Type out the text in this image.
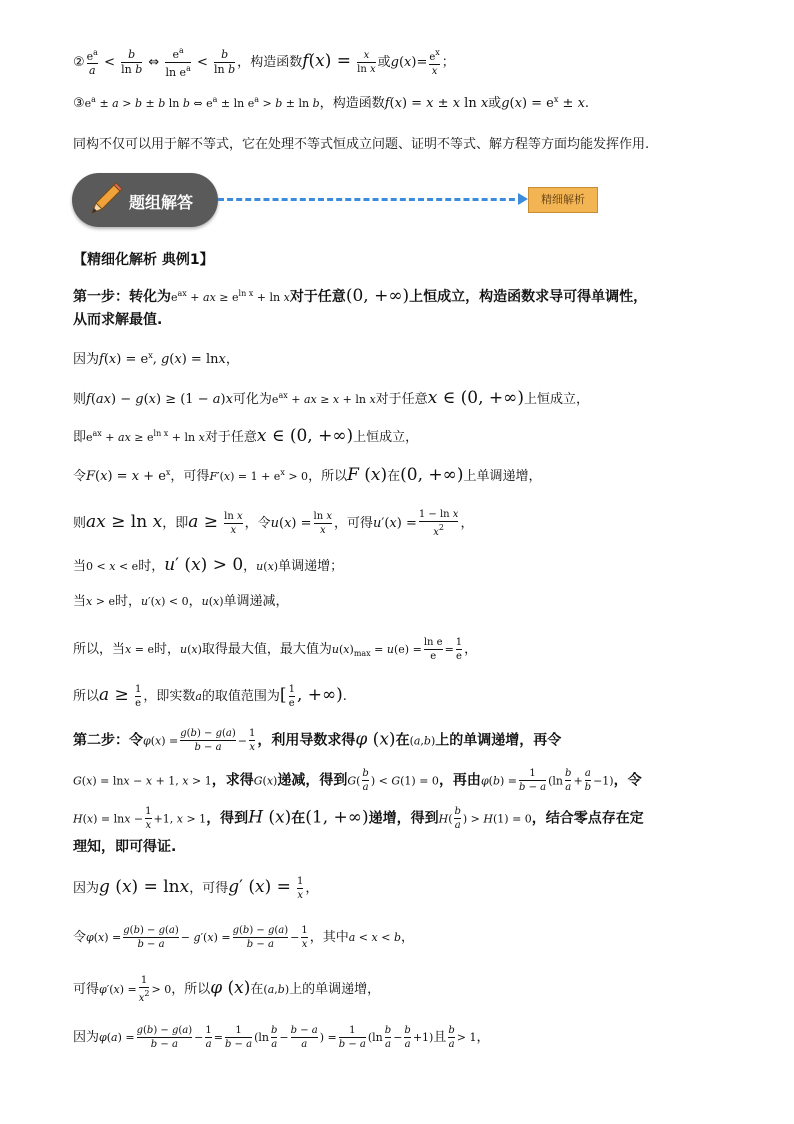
② $\frac{e^a}{a} < \frac{b}{\text{ln b}}$ ⇔ $\frac{e^a}{\ln e^a} < \frac{b}{\text{ln b}}$ ，构造函数$f(x) = \frac{x}{\text{ln x}}$ 或$g(x)= \frac{e^x}{x}$ ；
$③e^a \pm a > b \pm b$ ln b ⇔ $e^a \pm \ln e^a > b \pm \ln b$，构造函数f(x) = x ± x ln x或$g(x) = e^x \pm x$.
同构不仅可以用于解不等式，它在处理不等式恒成立问题、证明不等式、解方程等方面均能发挥作用.
题组解答	精细解析
【精细化解析 典例1】
第一步：转化为$e^{ax}$ + ax ≥ $e^{ln x} + \ln x$对于任意(0, +∞)上恒成立，构造函数求导可得单调性，
从而求解最值.
因为$f(x) = e^x$, g(x) = lnx，
则f(ax) − g(x) ≥ (1 − a)x可化为$e^{ax}$ + ax ≥ x + ln x对于任意x ∈ (0, +∞)上恒成立，
即$e^{ax}$ + ax ≥ $e^{ln x} + \ln x$对于任意x ∈ (0, +∞)上恒成立，
令$F(x) = x + e^x$，可得$F'(x) = 1 + e^x > 0$，所以F (x)在(0, +∞)上单调递增，
则ax ≥ ln x，即$a \ge \frac{\text{ln x}}{x}$ ，令$u(x) = \frac{\text{ln x}}{x}$ ，可得$u'(x) = \frac{\text{1 − ln x}}{x^2}$ ，
当0 < x < e时，u′ (x) > 0，u(x)单调递增；
当x > e时，u′(x) < 0，u(x)单调递减，
所以，当x = e时，u(x)取得最大值，最大值为$u(x)_{max} = u(e) = \frac{\text{ln e}}{e} = \frac{1}{e}$ ，
所以$a \ge \frac{1}{e}$ ，即实数a的取值范围为[ $\frac{1}{e}$ , +∞).
第二步：令$\varphi(x) = \frac{g(b) - g(a)}{b - a} - \frac{1}{x}$ ，利用导数求得φ (x)在(a,b)上的单调递增，再令
G(x) = lnx − x + 1, x > 1，求得G(x)递减，得到$G( \frac{b}{a}$ ) < G(1) = 0，再由$\varphi(b) = \frac{1}{b - a} (\ln \frac{b}{a} + \frac{a}{b} -1)$，令
$H(x) = \ln x - \frac{1}{x} +1$, x > 1，得到H (x)在(1, +∞)递增，得到$H( \frac{b}{a}$ ) > H(1) = 0，结合零点存在定
理知，即可得证.
因为g (x) = lnx，可得g′ $(x) = \frac{1}{x}$ ，
令$\varphi(x) = \frac{g(b) - g(a)}{b - a} - g'(x) = \frac{g(b) - g(a)}{b - a} - \frac{1}{x}$ ，其中a < x < b，
可得$\varphi'(x) = \frac{1}{x^2} > 0$，所以φ (x)在(a,b)上的单调递增，
因为$\varphi(a) = \frac{g(b) - g(a)}{b - a} - \frac{1}{a} = \frac{1}{b - a} (\ln \frac{b}{a} - \frac{b - a}{a}$ ) = $\frac{1}{b - a} (\ln \frac{b}{a} - \frac{b}{a} +1)$且 $\frac{b}{a} > 1$，
